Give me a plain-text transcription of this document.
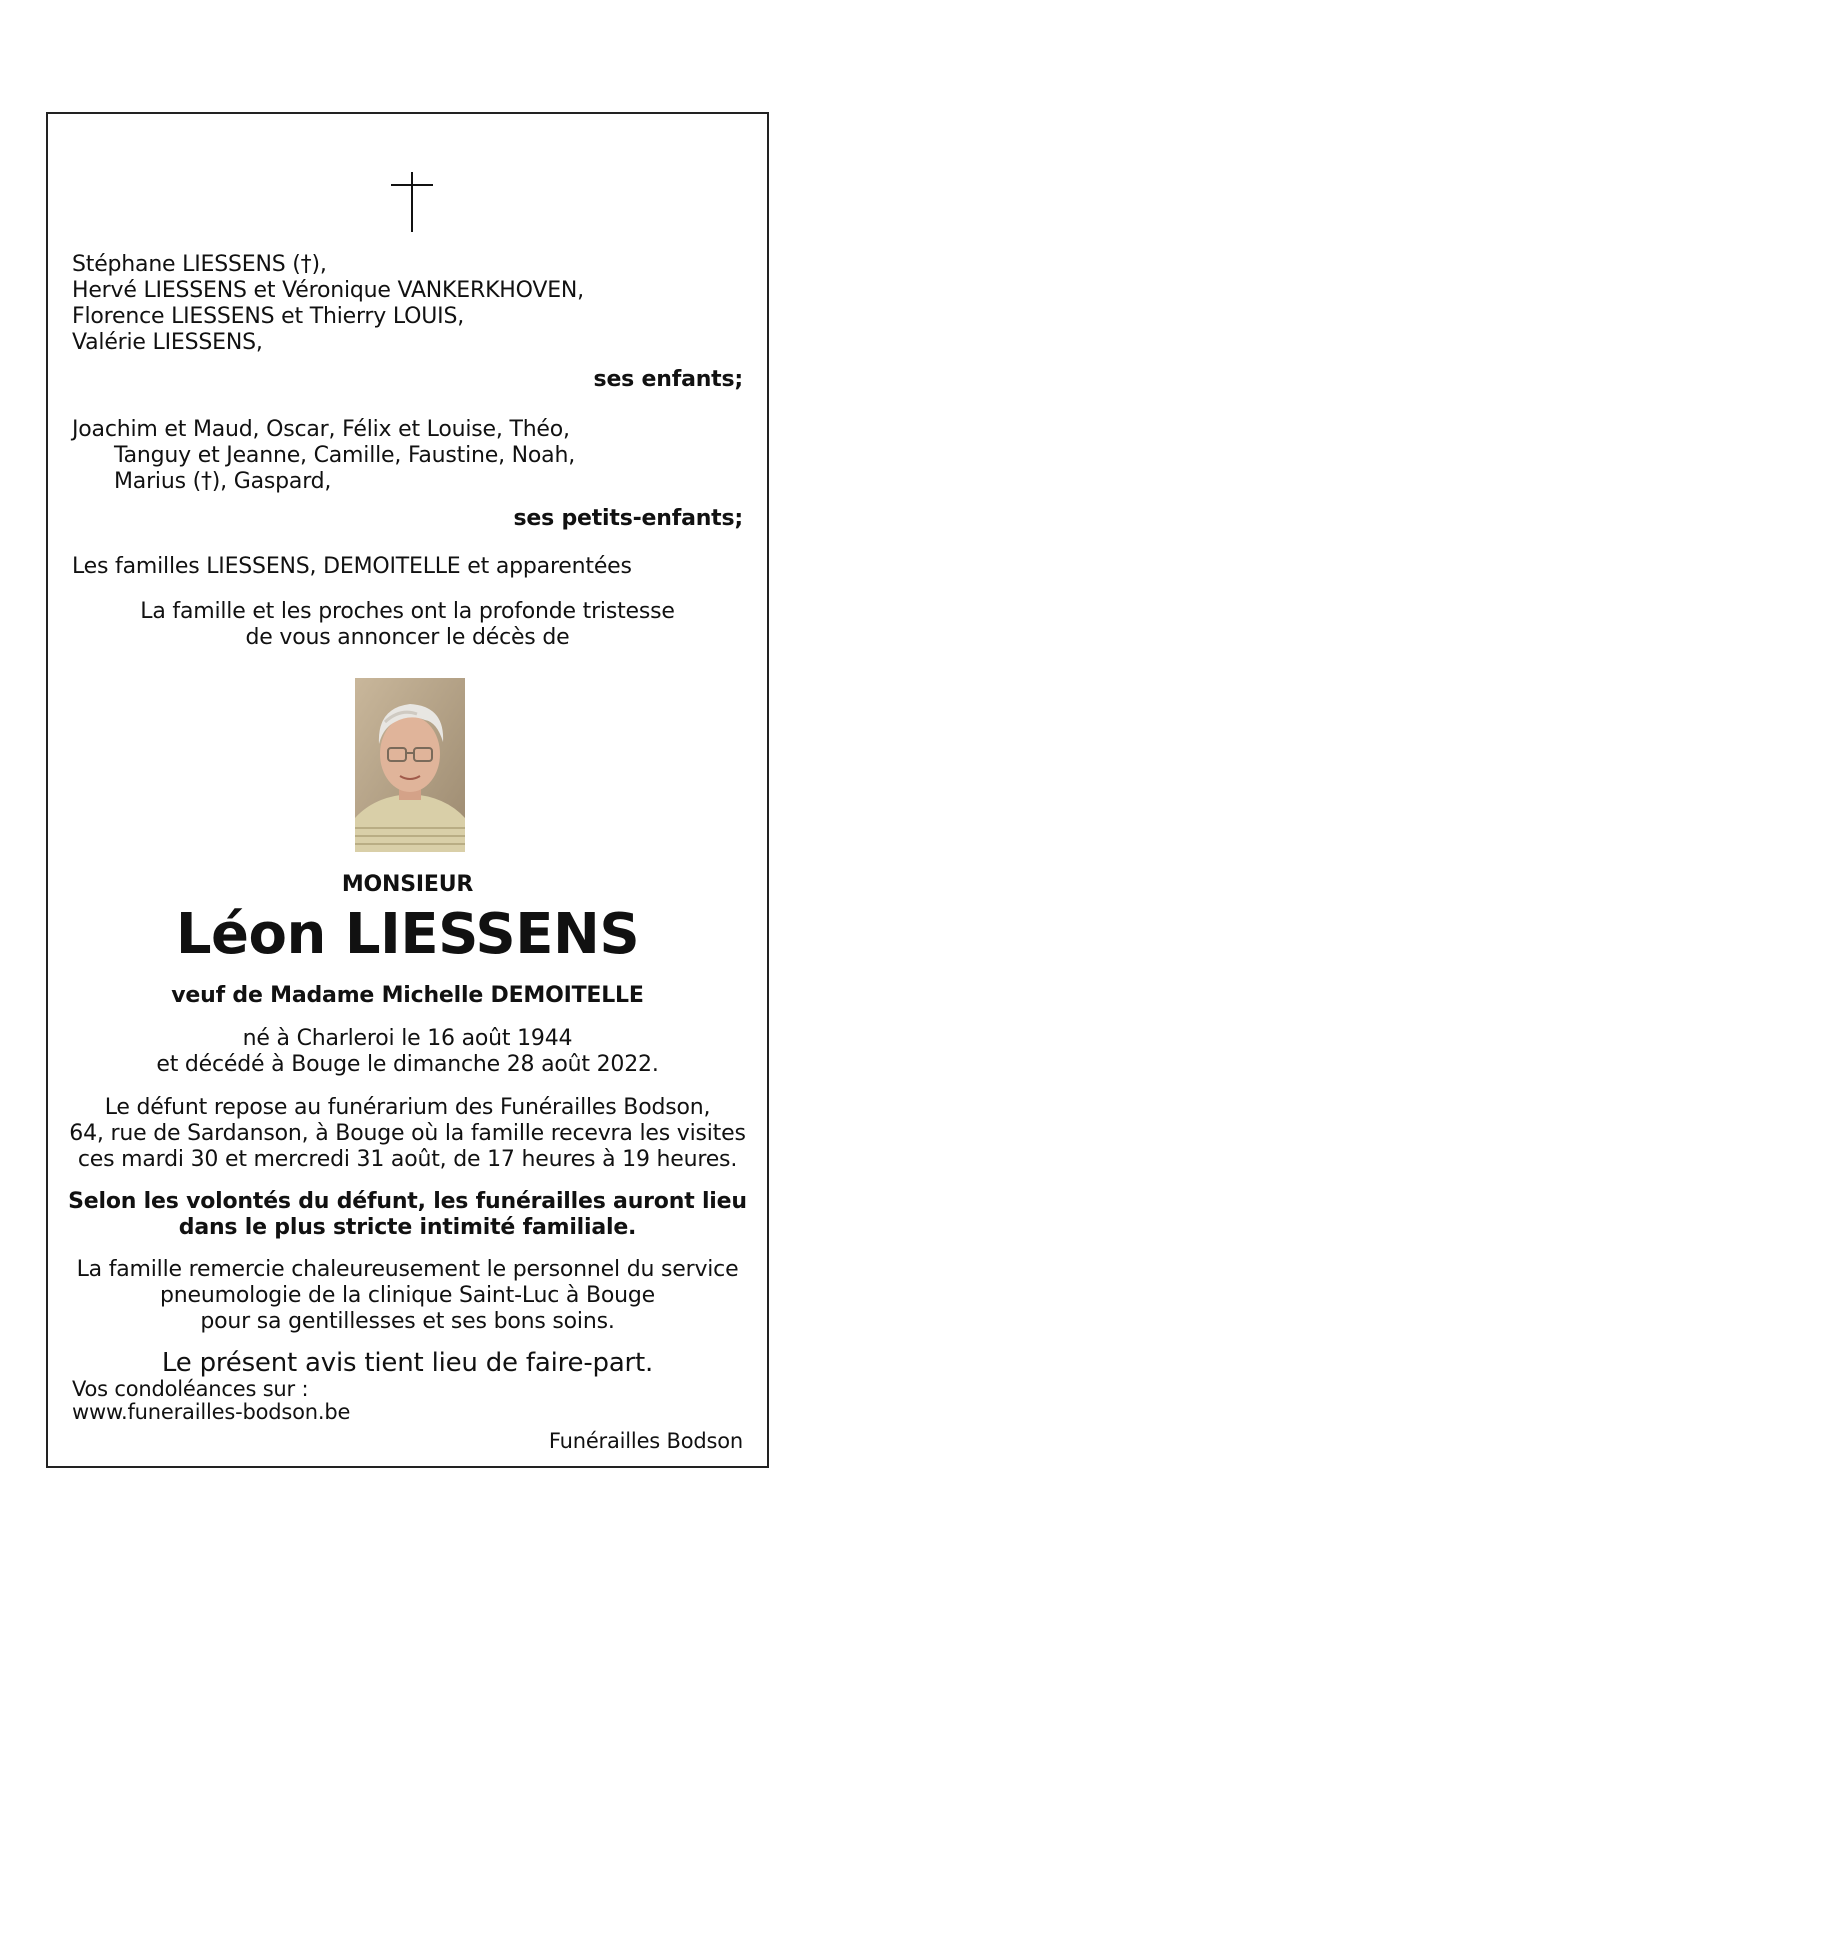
Stéphane LIESSENS (†),
Hervé LIESSENS et Véronique VANKERKHOVEN,
Florence LIESSENS et Thierry LOUIS,
Valérie LIESSENS,
ses enfants;
Joachim et Maud, Oscar, Félix et Louise, Théo,
Tanguy et Jeanne, Camille, Faustine, Noah,
Marius (†), Gaspard,
ses petits-enfants;
Les familles LIESSENS, DEMOITELLE et apparentées
La famille et les proches ont la profonde tristesse
de vous annoncer le décès de
MONSIEUR
Léon LIESSENS
veuf de Madame Michelle DEMOITELLE
né à Charleroi le 16 août 1944
et décédé à Bouge le dimanche 28 août 2022.
Le défunt repose au funérarium des Funérailles Bodson,
64, rue de Sardanson, à Bouge où la famille recevra les visites
ces mardi 30 et mercredi 31 août, de 17 heures à 19 heures.
Selon les volontés du défunt, les funérailles auront lieu
dans le plus stricte intimité familiale.
La famille remercie chaleureusement le personnel du service
pneumologie de la clinique Saint-Luc à Bouge
pour sa gentillesses et ses bons soins.
Le présent avis tient lieu de faire-part.
Vos condoléances sur :
www.funerailles-bodson.be
Funérailles Bodson
